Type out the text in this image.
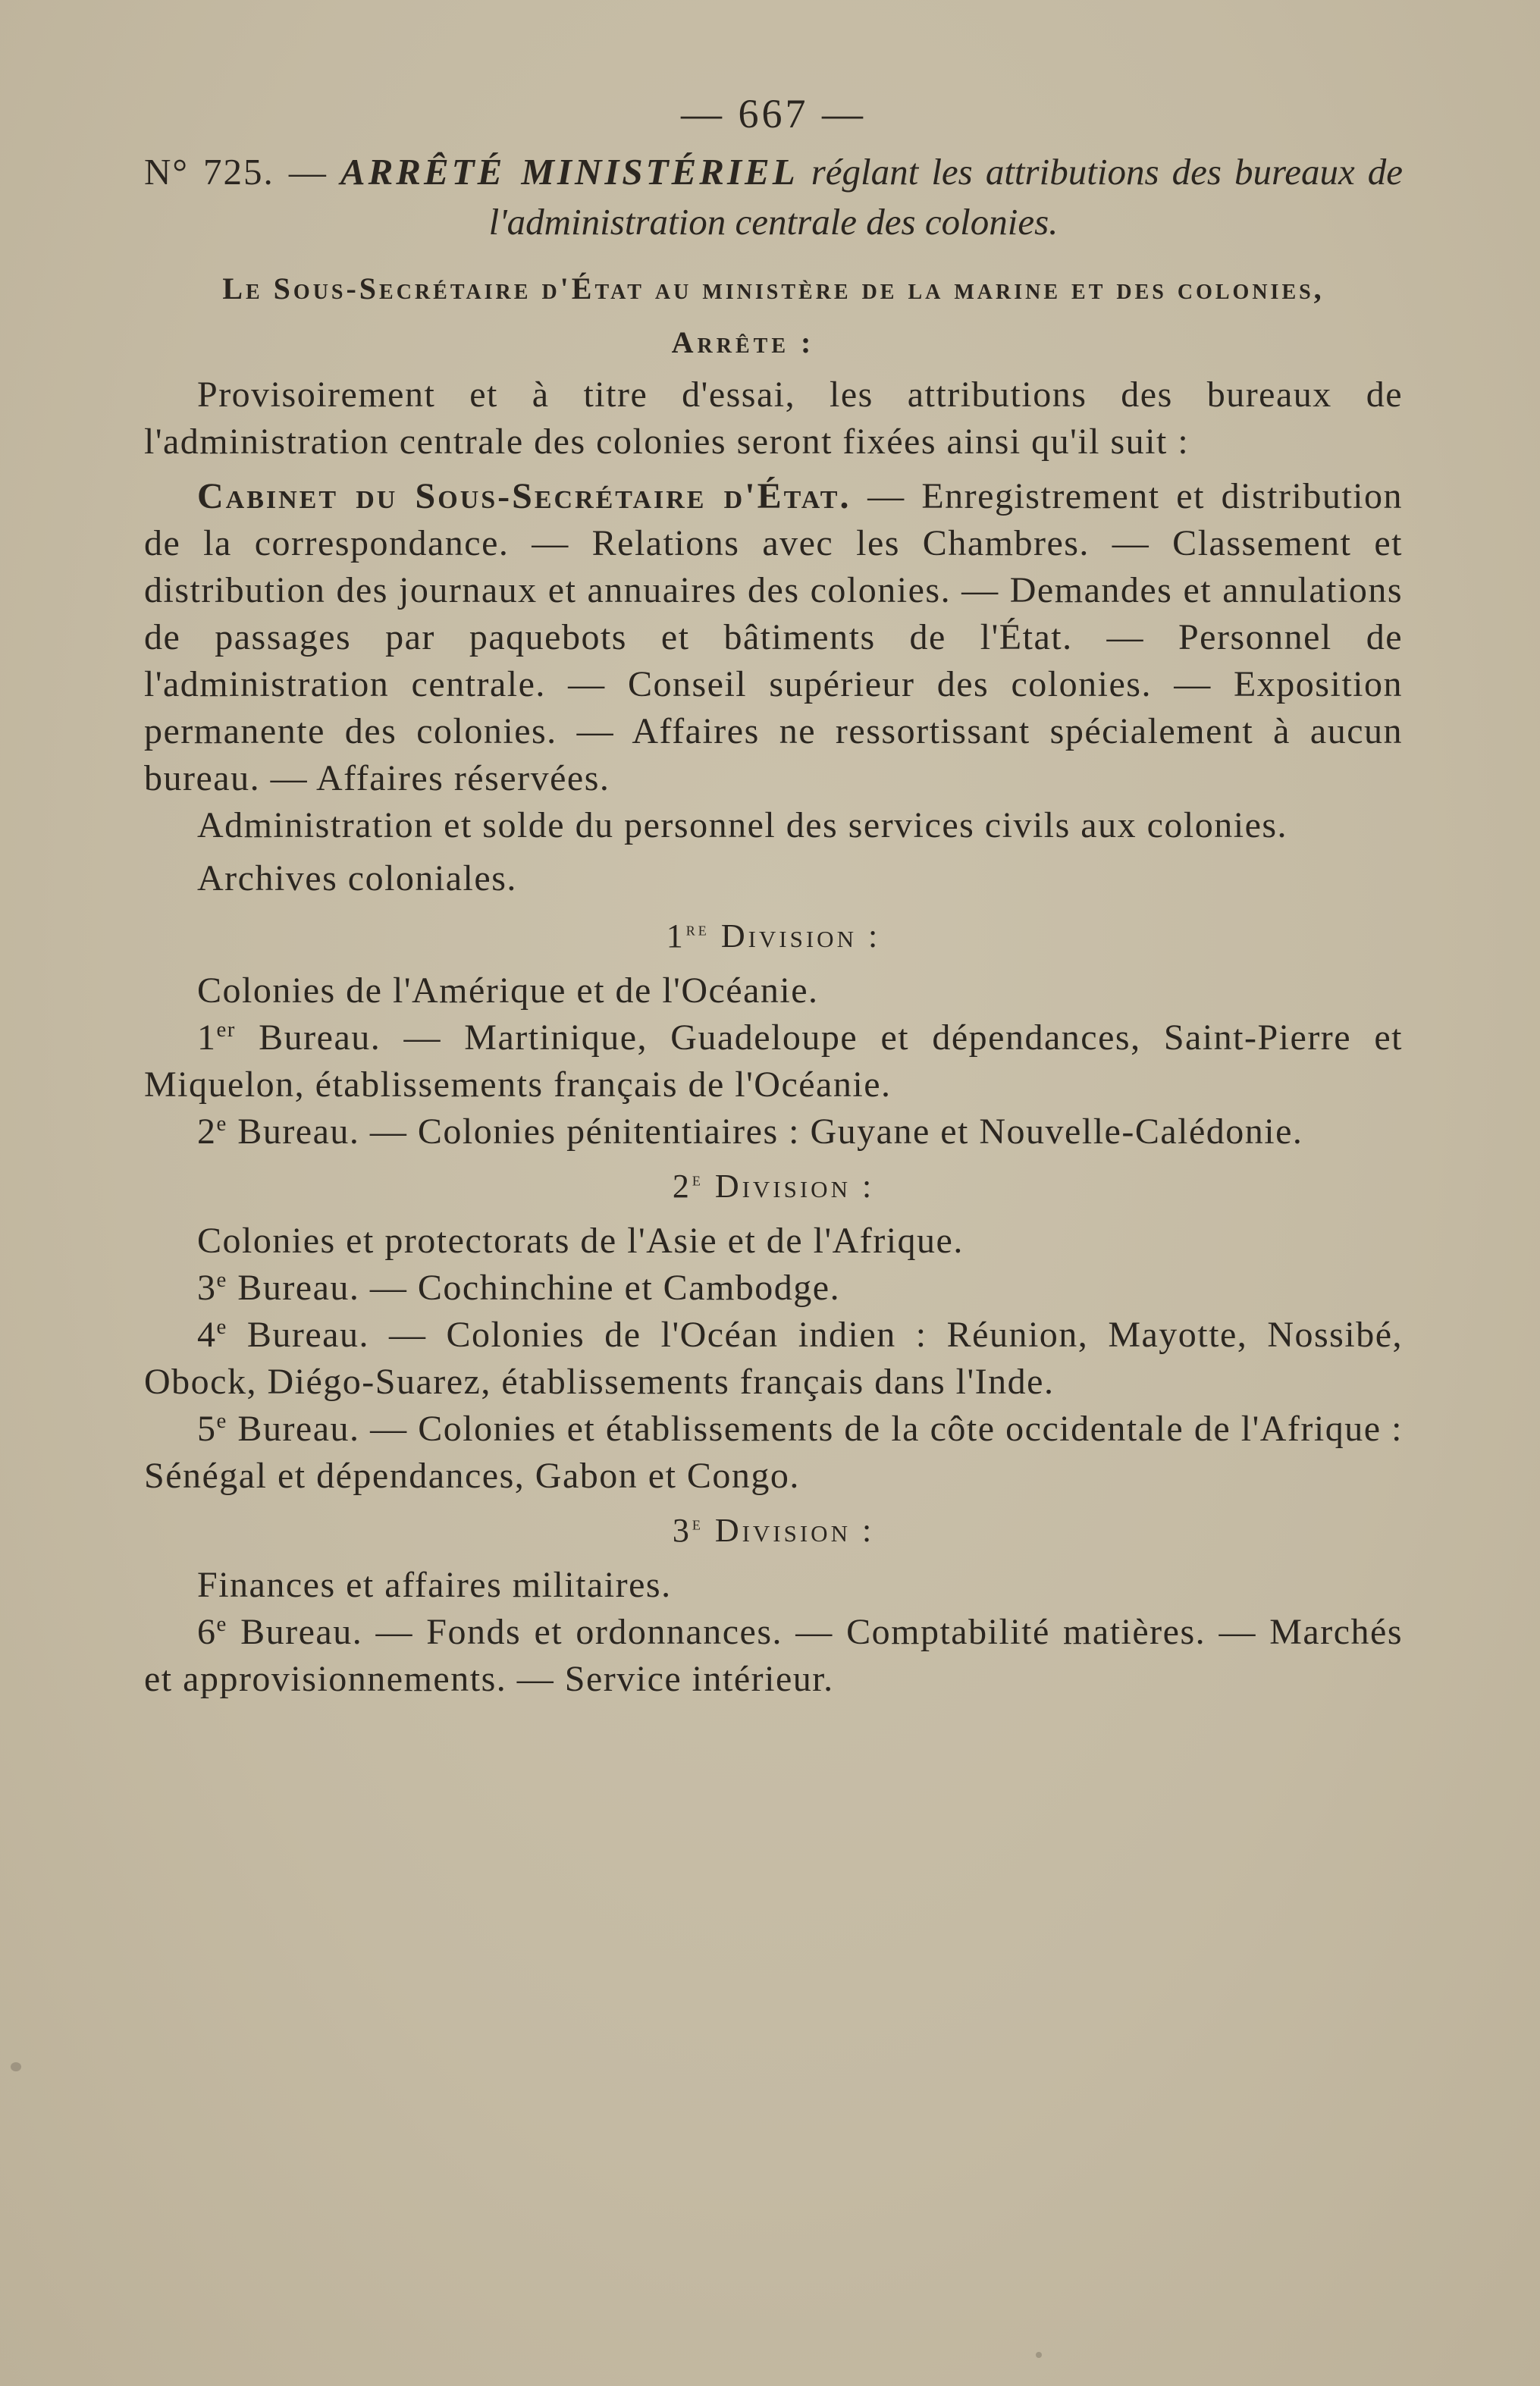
— 667 —

N° 725. — ARRÊTÉ MINISTÉRIEL réglant les attributions des bureaux de l'administration centrale des colonies.

Le Sous-Secrétaire d'État au ministère de la marine et des colonies,

Arrête :

Provisoirement et à titre d'essai, les attributions des bureaux de l'administration centrale des colonies seront fixées ainsi qu'il suit :

Cabinet du Sous-Secrétaire d'État. — Enregistrement et distribution de la correspondance. — Relations avec les Chambres. — Classement et distribution des journaux et annuaires des colonies. — Demandes et annulations de passages par paquebots et bâtiments de l'État. — Personnel de l'administration centrale. — Conseil supérieur des colonies. — Exposition permanente des colonies. — Affaires ne ressortissant spécialement à aucun bureau. — Affaires réservées.

Administration et solde du personnel des services civils aux colonies.

Archives coloniales.

1re Division :

Colonies de l'Amérique et de l'Océanie.

1er Bureau. — Martinique, Guadeloupe et dépendances, Saint-Pierre et Miquelon, établissements français de l'Océanie.

2e Bureau. — Colonies pénitentiaires : Guyane et Nouvelle-Calédonie.

2e Division :

Colonies et protectorats de l'Asie et de l'Afrique.

3e Bureau. — Cochinchine et Cambodge.

4e Bureau. — Colonies de l'Océan indien : Réunion, Mayotte, Nossibé, Obock, Diégo-Suarez, établissements français dans l'Inde.

5e Bureau. — Colonies et établissements de la côte occidentale de l'Afrique : Sénégal et dépendances, Gabon et Congo.

3e Division :

Finances et affaires militaires.

6e Bureau. — Fonds et ordonnances. — Comptabilité matières. — Marchés et approvisionnements. — Service intérieur.
